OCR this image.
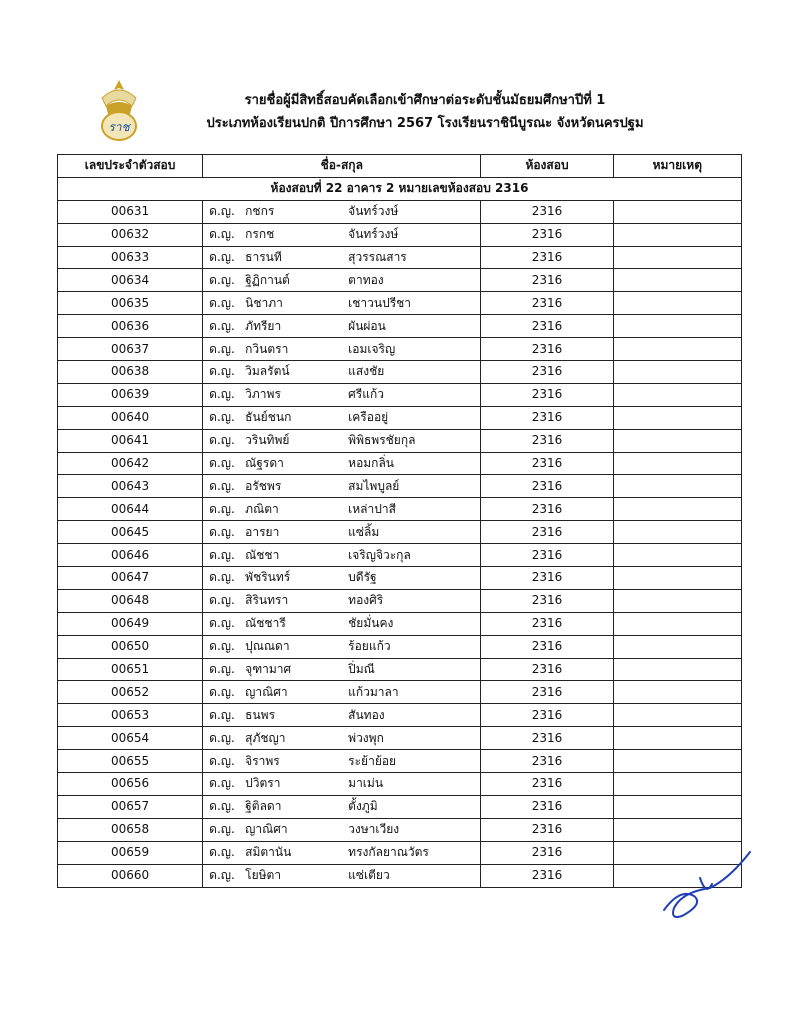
ราช
รายชื่อผู้มีสิทธิ์สอบคัดเลือกเข้าศึกษาต่อระดับชั้นมัธยมศึกษาปีที่ 1
ประเภทห้องเรียนปกติ ปีการศึกษา 2567 โรงเรียนราชินีบูรณะ จังหวัดนครปฐม
เลขประจำตัวสอบ	ชื่อ-สกุล	ห้องสอบ	หมายเหตุ
ห้องสอบที่ 22 อาคาร 2 หมายเลขห้องสอบ 2316			
00631	ด.ญ. กชกร จันทร์วงษ์	2316	
00632	ด.ญ. กรกช จันทร์วงษ์	2316	
00633	ด.ญ. ธารนที สุวรรณสาร	2316	
00634	ด.ญ. ฐิฏิกานต์ ตาทอง	2316	
00635	ด.ญ. นิชาภา เชาวนปรีชา	2316	
00636	ด.ญ. ภัทรียา ผันผ่อน	2316	
00637	ด.ญ. กวินตรา เอมเจริญ	2316	
00638	ด.ญ. วิมลรัตน์ แสงชัย	2316	
00639	ด.ญ. วิภาพร ศรีแก้ว	2316	
00640	ด.ญ. ธันย์ชนก เครืออยู่	2316	
00641	ด.ญ. วรินทิพย์ พิพิธพรชัยกุล	2316	
00642	ด.ญ. ณัฐรดา หอมกลิ่น	2316	
00643	ด.ญ. อรัชพร สมไพบูลย์	2316	
00644	ด.ญ. ภณิตา เหล่าปาสี	2316	
00645	ด.ญ. อารยา แซ่ลิ้ม	2316	
00646	ด.ญ. ณัชชา เจริญจิวะกุล	2316	
00647	ด.ญ. พัชรินทร์ บดีรัฐ	2316	
00648	ด.ญ. สิรินทรา ทองศิริ	2316	
00649	ด.ญ. ณัชชารี ชัยมั่นคง	2316	
00650	ด.ญ. ปุณณดา ร้อยแก้ว	2316	
00651	ด.ญ. จุฑามาศ ปิ่มณี	2316	
00652	ด.ญ. ญาณิศา แก้วมาลา	2316	
00653	ด.ญ. ธนพร สันทอง	2316	
00654	ด.ญ. สุภัชญา พ่วงพุก	2316	
00655	ด.ญ. จิราพร ระย้าย้อย	2316	
00656	ด.ญ. ปวิตรา มาเม่น	2316	
00657	ด.ญ. ฐิติลดา ตั้งภูมิ	2316	
00658	ด.ญ. ญาณิศา วงษาเวียง	2316	
00659	ด.ญ. สมิตานัน ทรงกัลยาณวัตร	2316	
00660	ด.ญ. โยษิตา แซ่เตียว	2316	
